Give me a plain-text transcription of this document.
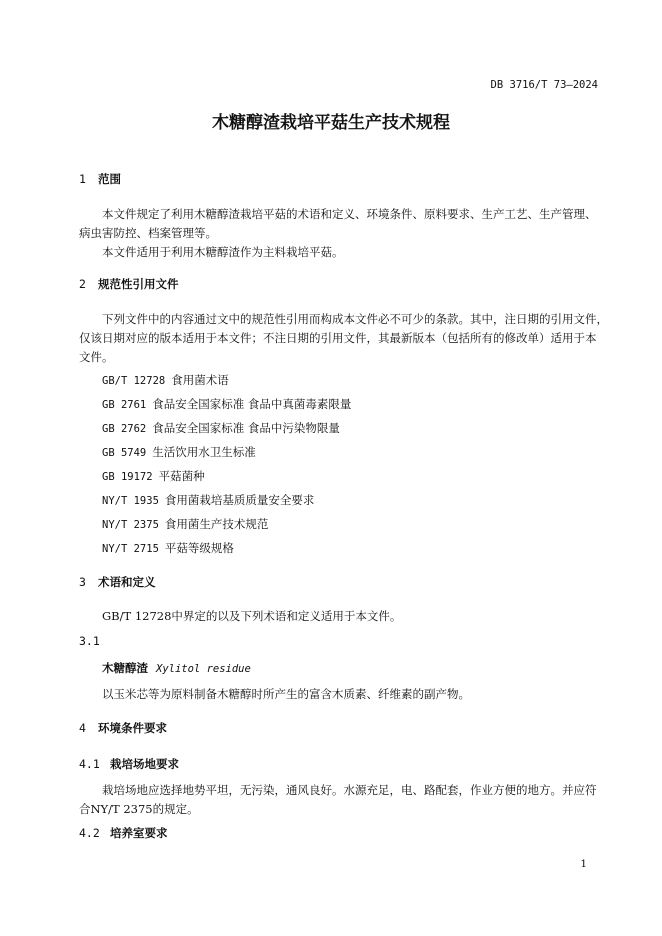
DB 3716/T 73—2024
木糖醇渣栽培平菇生产技术规程
1 范围
本文件规定了利用木糖醇渣栽培平菇的术语和定义、环境条件、原料要求、生产工艺、生产管理、
病虫害防控、档案管理等。
本文件适用于利用木糖醇渣作为主料栽培平菇。
2 规范性引用文件
下列文件中的内容通过文中的规范性引用而构成本文件必不可少的条款。其中，注日期的引用文件，
仅该日期对应的版本适用于本文件；不注日期的引用文件，其最新版本（包括所有的修改单）适用于本
文件。
GB/T 12728 食用菌术语
GB 2761 食品安全国家标准 食品中真菌毒素限量
GB 2762 食品安全国家标准 食品中污染物限量
GB 5749 生活饮用水卫生标准
GB 19172 平菇菌种
NY/T 1935 食用菌栽培基质质量安全要求
NY/T 2375 食用菌生产技术规范
NY/T 2715 平菇等级规格
3 术语和定义
GB/T 12728中界定的以及下列术语和定义适用于本文件。
3.1
木糖醇渣 Xylitol residue
以玉米芯等为原料制备木糖醇时所产生的富含木质素、纤维素的副产物。
4 环境条件要求
4.1 栽培场地要求
栽培场地应选择地势平坦，无污染，通风良好。水源充足，电、路配套，作业方便的地方。并应符
合NY/T 2375的规定。
4.2 培养室要求
1
